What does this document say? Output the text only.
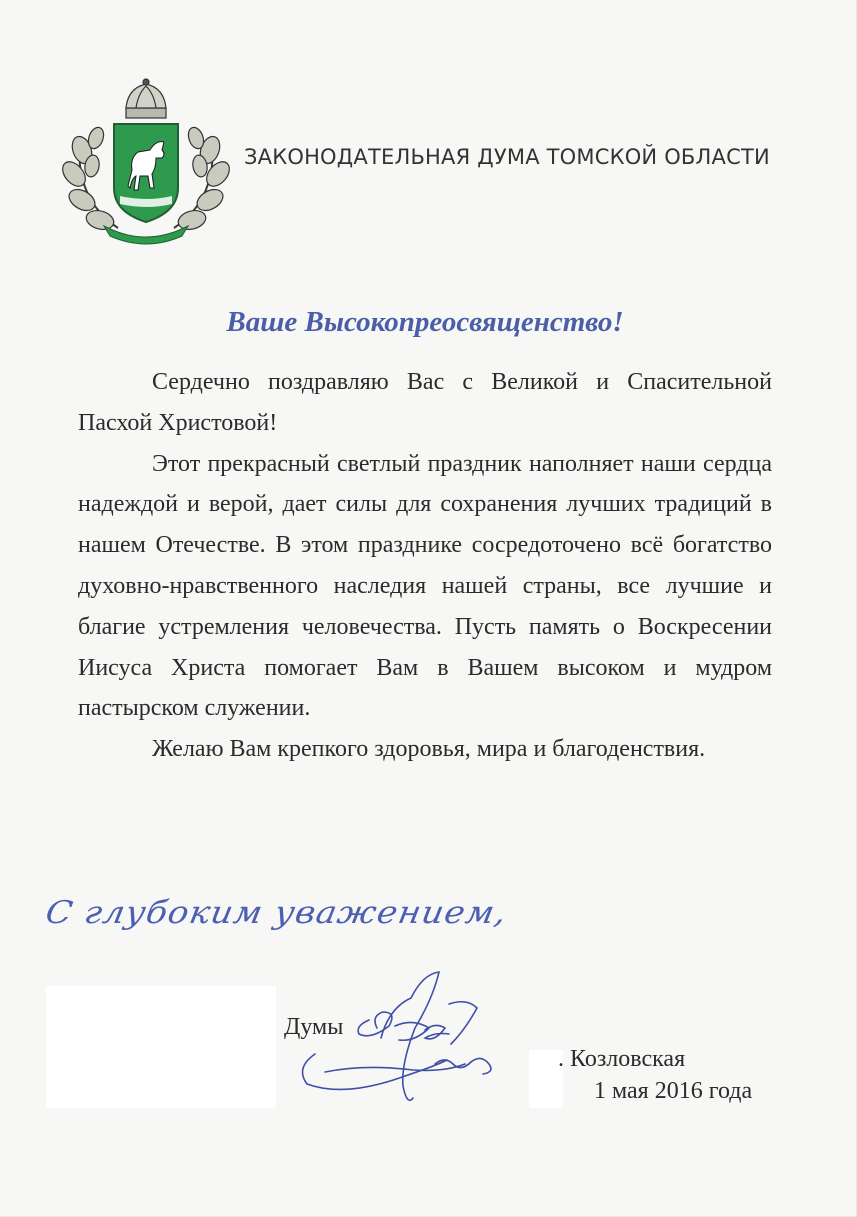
ЗАКОНОДАТЕЛЬНАЯ ДУМА ТОМСКОЙ ОБЛАСТИ
Ваше Высокопреосвященство!

Сердечно поздравляю Вас с Великой и Спасительной Пасхой Христовой!

Этот прекрасный светлый праздник наполняет наши сердца надеждой и верой, дает силы для сохранения лучших традиций в нашем Отечестве. В этом празднике сосредоточено всё богатство духовно-нравственного наследия нашей страны, все лучшие и благие устремления человечества. Пусть память о Воскресении Иисуса Христа помогает Вам в Вашем высоком и мудром пастырском служении.

Желаю Вам крепкого здоровья, мира и благоденствия.

С глубоким уважением,
Думы
. Козловская
1 мая 2016 года
